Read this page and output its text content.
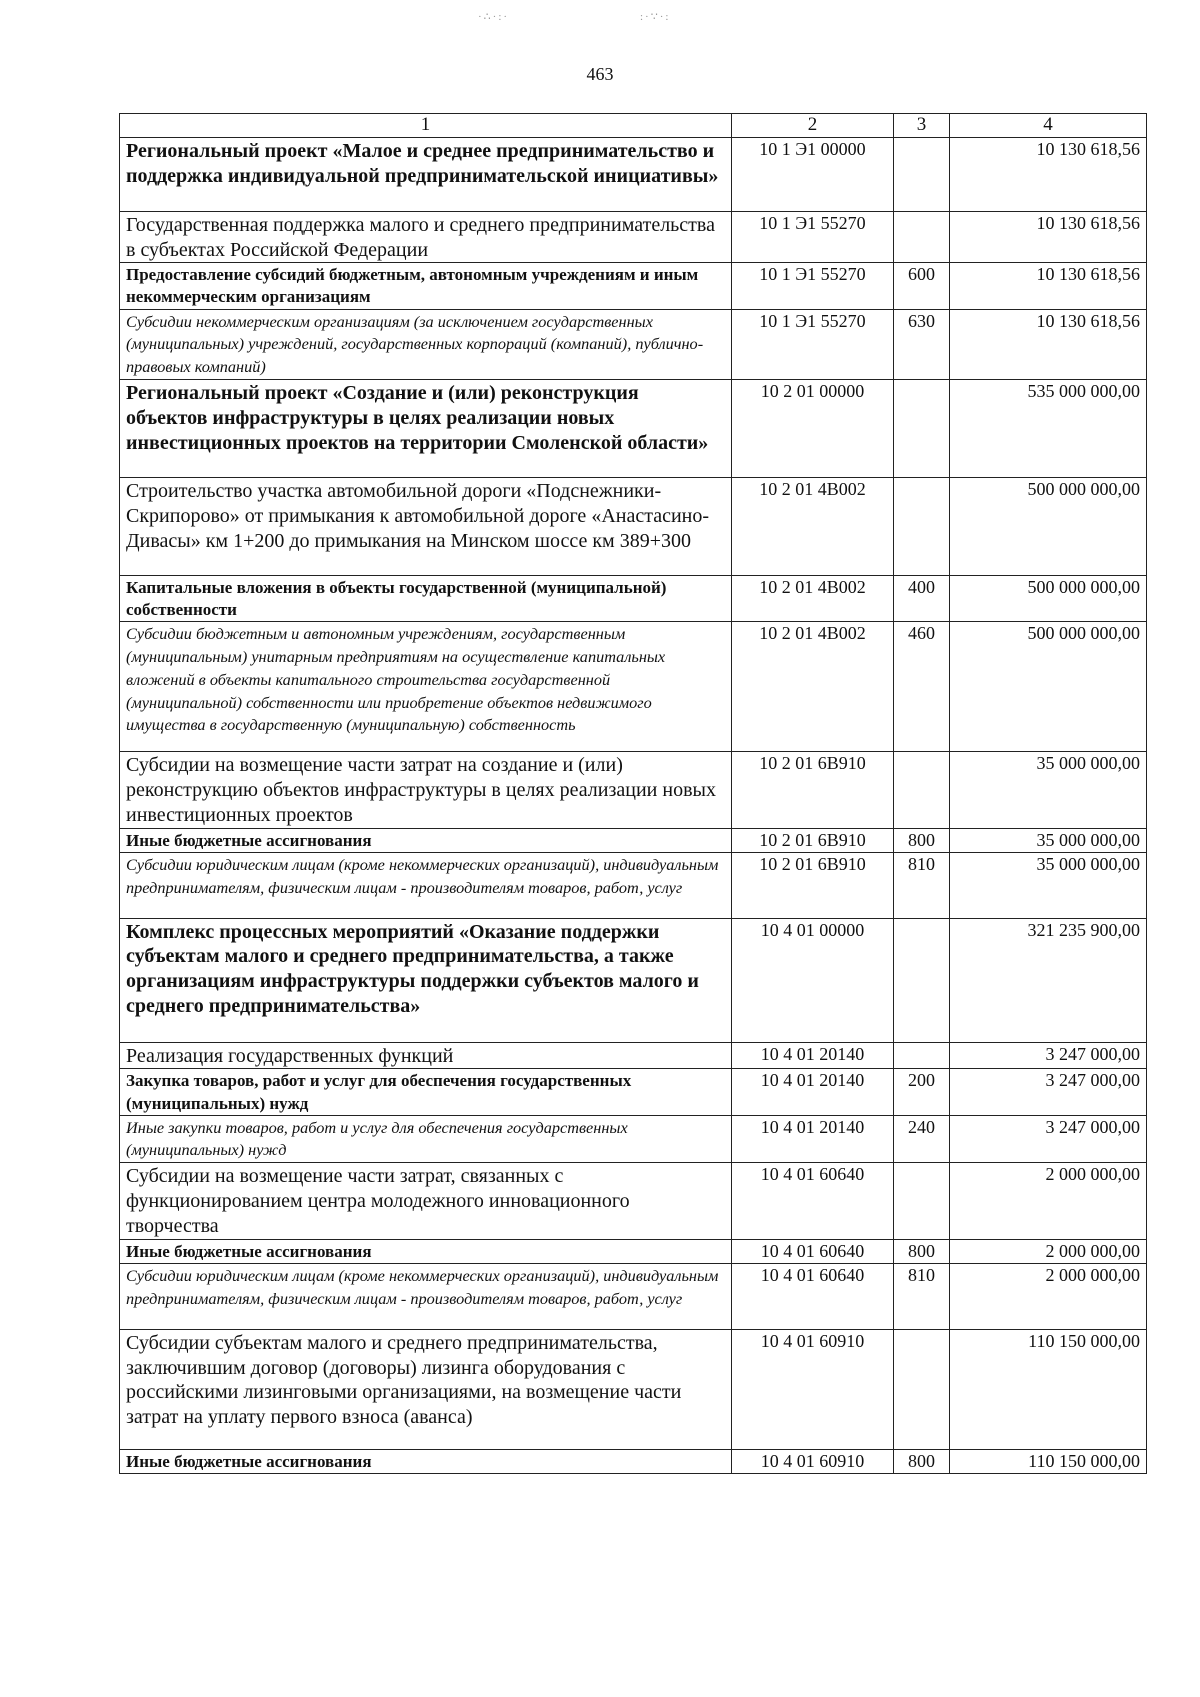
·∴·:·	:·∵·:
463
1	2	3	4
Региональный проект «Малое и среднее предпринимательство и поддержка индивидуальной предпринимательской инициативы»	10 1 Э1 00000		10 130 618,56
Государственная поддержка малого и среднего предпринимательства в субъектах Российской Федерации	10 1 Э1 55270		10 130 618,56
Предоставление субсидий бюджетным, автономным учреждениям и иным некоммерческим организациям	10 1 Э1 55270	600	10 130 618,56
Субсидии некоммерческим организациям (за исключением государственных (муниципальных) учреждений, государственных корпораций (компаний), публично-правовых компаний)	10 1 Э1 55270	630	10 130 618,56
Региональный проект «Создание и (или) реконструкция объектов инфраструктуры в целях реализации новых инвестиционных проектов на территории Смоленской области»	10 2 01 00000		535 000 000,00
Строительство участка автомобильной дороги «Подснежники-Скрипорово» от примыкания к автомобильной дороге «Анастасино-Дивасы» км 1+200 до примыкания на Минском шоссе км 389+300	10 2 01 4В002		500 000 000,00
Капитальные вложения в объекты государственной (муниципальной) собственности	10 2 01 4В002	400	500 000 000,00
Субсидии бюджетным и автономным учреждениям, государственным (муниципальным) унитарным предприятиям на осуществление капитальных вложений в объекты капитального строительства государственной (муниципальной) собственности или приобретение объектов недвижимого имущества в государственную (муниципальную) собственность	10 2 01 4В002	460	500 000 000,00
Субсидии на возмещение части затрат на создание и (или) реконструкцию объектов инфраструктуры в целях реализации новых инвестиционных проектов	10 2 01 6В910		35 000 000,00
Иные бюджетные ассигнования	10 2 01 6В910	800	35 000 000,00
Субсидии юридическим лицам (кроме некоммерческих организаций), индивидуальным предпринимателям, физическим лицам - производителям товаров, работ, услуг	10 2 01 6В910	810	35 000 000,00
Комплекс процессных мероприятий «Оказание поддержки субъектам малого и среднего предпринимательства, а также организациям инфраструктуры поддержки субъектов малого и среднего предпринимательства»	10 4 01 00000		321 235 900,00
Реализация государственных функций	10 4 01 20140		3 247 000,00
Закупка товаров, работ и услуг для обеспечения государственных (муниципальных) нужд	10 4 01 20140	200	3 247 000,00
Иные закупки товаров, работ и услуг для обеспечения государственных (муниципальных) нужд	10 4 01 20140	240	3 247 000,00
Субсидии на возмещение части затрат, связанных с функционированием центра молодежного инновационного творчества	10 4 01 60640		2 000 000,00
Иные бюджетные ассигнования	10 4 01 60640	800	2 000 000,00
Субсидии юридическим лицам (кроме некоммерческих организаций), индивидуальным предпринимателям, физическим лицам - производителям товаров, работ, услуг	10 4 01 60640	810	2 000 000,00
Субсидии субъектам малого и среднего предпринимательства, заключившим договор (договоры) лизинга оборудования с российскими лизинговыми организациями, на возмещение части затрат на уплату первого взноса (аванса)	10 4 01 60910		110 150 000,00
Иные бюджетные ассигнования	10 4 01 60910	800	110 150 000,00
